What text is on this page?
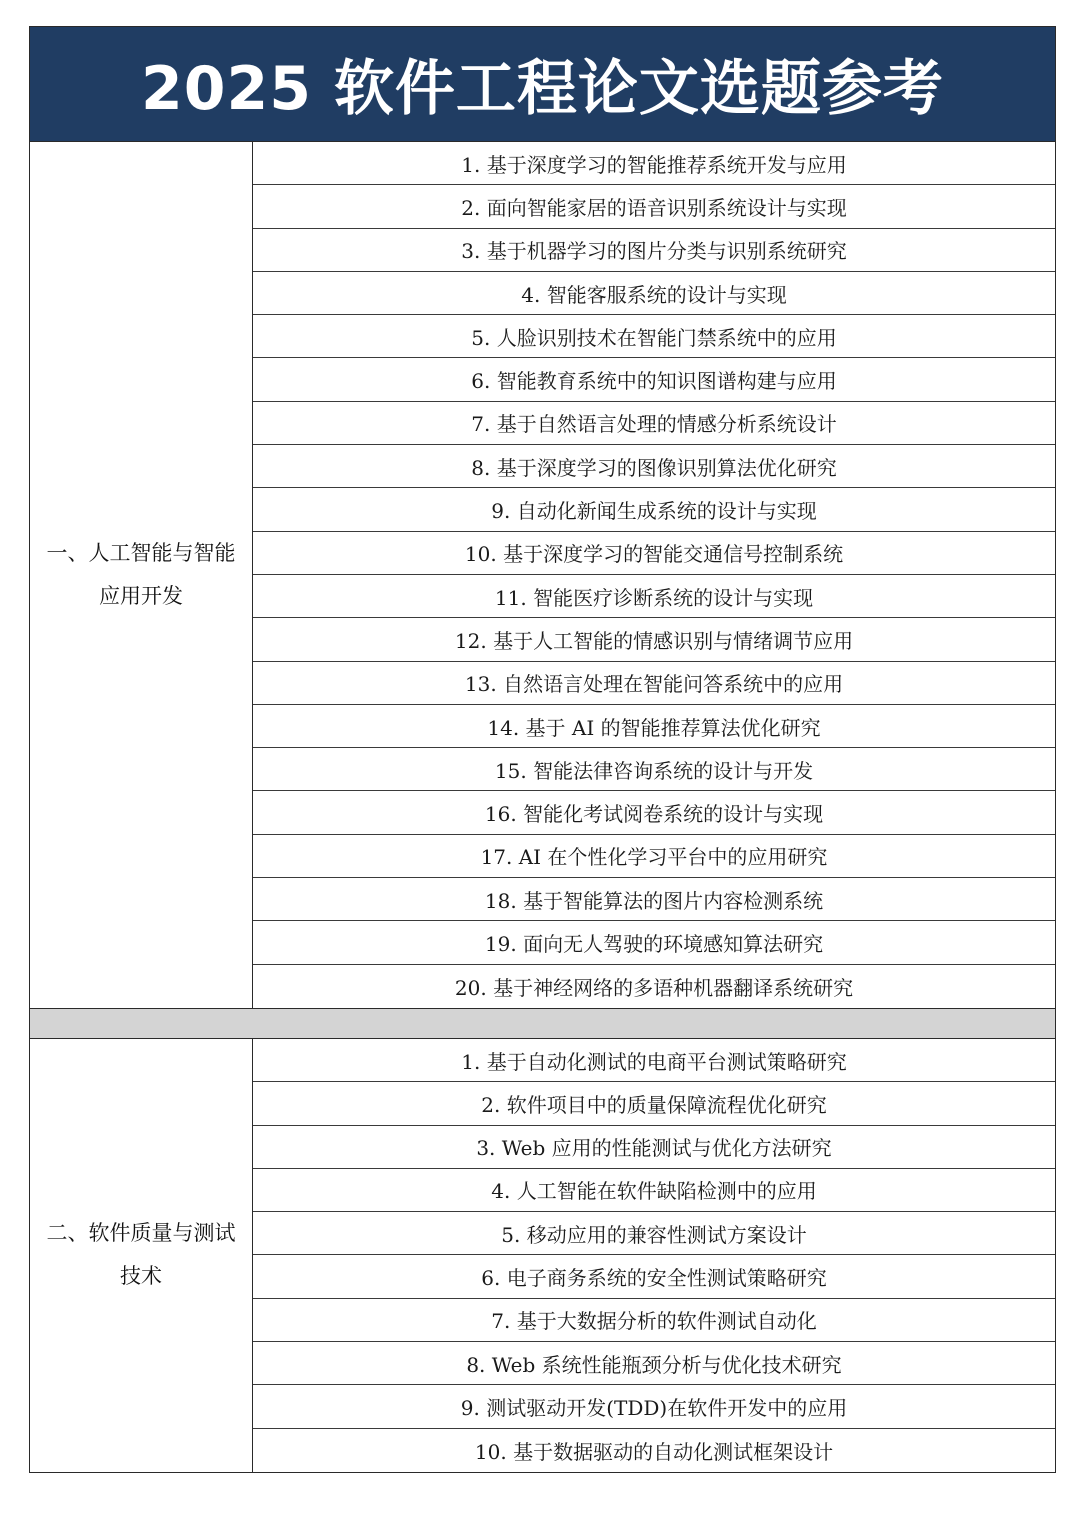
2025 软件工程论文选题参考
一、人工智能与智能应用开发
1. 基于深度学习的智能推荐系统开发与应用
2. 面向智能家居的语音识别系统设计与实现
3. 基于机器学习的图片分类与识别系统研究
4. 智能客服系统的设计与实现
5. 人脸识别技术在智能门禁系统中的应用
6. 智能教育系统中的知识图谱构建与应用
7. 基于自然语言处理的情感分析系统设计
8. 基于深度学习的图像识别算法优化研究
9. 自动化新闻生成系统的设计与实现
10. 基于深度学习的智能交通信号控制系统
11. 智能医疗诊断系统的设计与实现
12. 基于人工智能的情感识别与情绪调节应用
13. 自然语言处理在智能问答系统中的应用
14. 基于 AI 的智能推荐算法优化研究
15. 智能法律咨询系统的设计与开发
16. 智能化考试阅卷系统的设计与实现
17. AI 在个性化学习平台中的应用研究
18. 基于智能算法的图片内容检测系统
19. 面向无人驾驶的环境感知算法研究
20. 基于神经网络的多语种机器翻译系统研究
二、软件质量与测试技术
1. 基于自动化测试的电商平台测试策略研究
2. 软件项目中的质量保障流程优化研究
3. Web 应用的性能测试与优化方法研究
4. 人工智能在软件缺陷检测中的应用
5. 移动应用的兼容性测试方案设计
6. 电子商务系统的安全性测试策略研究
7. 基于大数据分析的软件测试自动化
8. Web 系统性能瓶颈分析与优化技术研究
9. 测试驱动开发(TDD)在软件开发中的应用
10. 基于数据驱动的自动化测试框架设计
